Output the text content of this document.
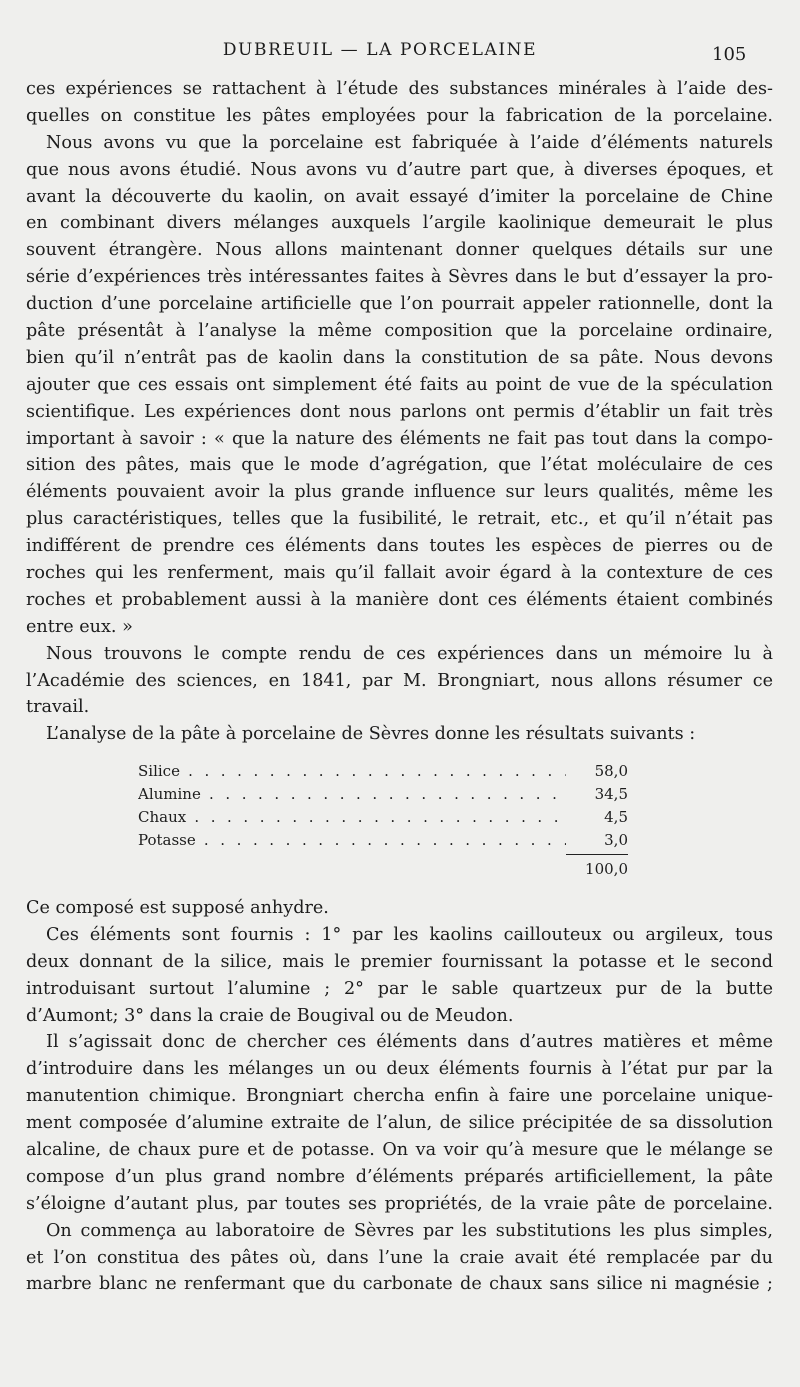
DUBREUIL — LA PORCELAINE	105
ces expériences se rattachent à l’étude des substances minérales à l’aide des-
quelles on constitue les pâtes employées pour la fabrication de la porcelaine.
Nous avons vu que la porcelaine est fabriquée à l’aide d’éléments naturels
que nous avons étudié. Nous avons vu d’autre part que, à diverses époques, et
avant la découverte du kaolin, on avait essayé d’imiter la porcelaine de Chine
en combinant divers mélanges auxquels l’argile kaolinique demeurait le plus
souvent étrangère. Nous allons maintenant donner quelques détails sur une
série d’expériences très intéressantes faites à Sèvres dans le but d’essayer la pro-
duction d’une porcelaine artificielle que l’on pourrait appeler rationnelle, dont la
pâte présentât à l’analyse la même composition que la porcelaine ordinaire,
bien qu’il n’entrât pas de kaolin dans la constitution de sa pâte. Nous devons
ajouter que ces essais ont simplement été faits au point de vue de la spéculation
scientifique. Les expériences dont nous parlons ont permis d’établir un fait très
important à savoir : « que la nature des éléments ne fait pas tout dans la compo-
sition des pâtes, mais que le mode d’agrégation, que l’état moléculaire de ces
éléments pouvaient avoir la plus grande influence sur leurs qualités, même les
plus caractéristiques, telles que la fusibilité, le retrait, etc., et qu’il n’était pas
indifférent de prendre ces éléments dans toutes les espèces de pierres ou de
roches qui les renferment, mais qu’il fallait avoir égard à la contexture de ces
roches et probablement aussi à la manière dont ces éléments étaient combinés
entre eux. »
Nous trouvons le compte rendu de ces expériences dans un mémoire lu à
l’Académie des sciences, en 1841, par M. Brongniart, nous allons résumer ce
travail.
L’analyse de la pâte à porcelaine de Sèvres donne les résultats suivants :
Silice . . .	58,0
Alumine . . .	34,5
Chaux . . .	4,5
Potasse . . .	3,0
100,0
Ce composé est supposé anhydre.
Ces éléments sont fournis : 1° par les kaolins caillouteux ou argileux, tous
deux donnant de la silice, mais le premier fournissant la potasse et le second
introduisant surtout l’alumine ; 2° par le sable quartzeux pur de la butte
d’Aumont; 3° dans la craie de Bougival ou de Meudon.
Il s’agissait donc de chercher ces éléments dans d’autres matières et même
d’introduire dans les mélanges un ou deux éléments fournis à l’état pur par la
manutention chimique. Brongniart chercha enfin à faire une porcelaine unique-
ment composée d’alumine extraite de l’alun, de silice précipitée de sa dissolution
alcaline, de chaux pure et de potasse. On va voir qu’à mesure que le mélange se
compose d’un plus grand nombre d’éléments préparés artificiellement, la pâte
s’éloigne d’autant plus, par toutes ses propriétés, de la vraie pâte de porcelaine.
On commença au laboratoire de Sèvres par les substitutions les plus simples,
et l’on constitua des pâtes où, dans l’une la craie avait été remplacée par du
marbre blanc ne renfermant que du carbonate de chaux sans silice ni magnésie ;
